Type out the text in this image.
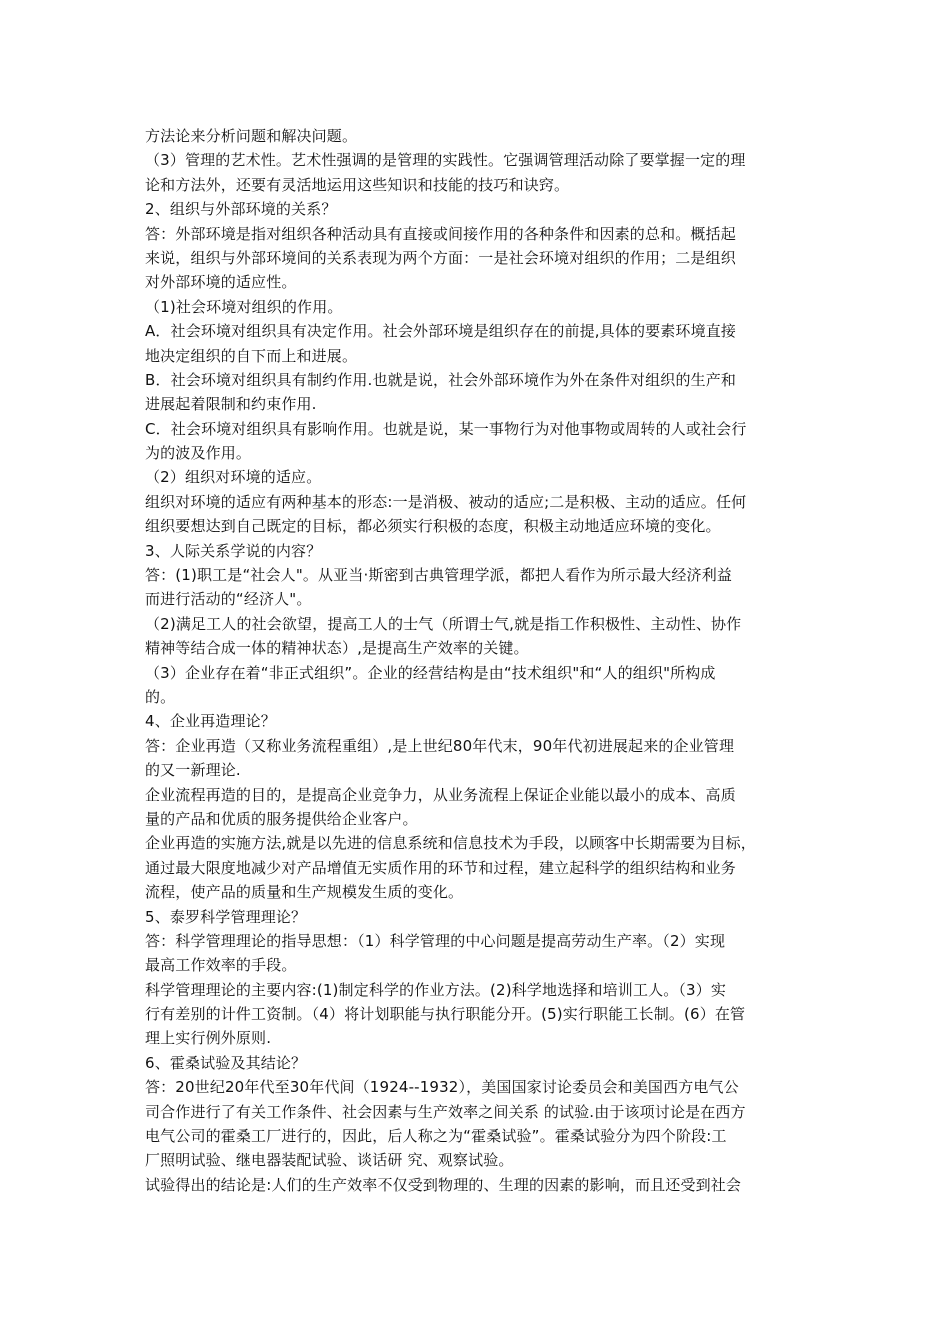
方法论来分析问题和解决问题。
（3）管理的艺术性。艺术性强调的是管理的实践性。它强调管理活动除了要掌握一定的理
论和方法外，还要有灵活地运用这些知识和技能的技巧和诀窍。
2、组织与外部环境的关系？
答：外部环境是指对组织各种活动具有直接或间接作用的各种条件和因素的总和。概括起
来说，组织与外部环境间的关系表现为两个方面：一是社会环境对组织的作用；二是组织
对外部环境的适应性。
（1)社会环境对组织的作用。
A．社会环境对组织具有决定作用。社会外部环境是组织存在的前提,具体的要素环境直接
地决定组织的自下而上和进展。
B．社会环境对组织具有制约作用.也就是说，社会外部环境作为外在条件对组织的生产和
进展起着限制和约束作用.
C．社会环境对组织具有影响作用。也就是说，某一事物行为对他事物或周转的人或社会行
为的波及作用。
（2）组织对环境的适应。
组织对环境的适应有两种基本的形态:一是消极、被动的适应;二是积极、主动的适应。任何
组织要想达到自己既定的目标，都必须实行积极的态度，积极主动地适应环境的变化。
3、人际关系学说的内容？
答：(1)职工是“社会人"。从亚当·斯密到古典管理学派，都把人看作为所示最大经济利益
而进行活动的“经济人"。
（2)满足工人的社会欲望，提高工人的士气（所谓士气,就是指工作积极性、主动性、协作
精神等结合成一体的精神状态）,是提高生产效率的关键。
（3）企业存在着“非正式组织”。企业的经营结构是由“技术组织"和“人的组织"所构成
的。
4、企业再造理论？
答：企业再造（又称业务流程重组）,是上世纪80年代末，90年代初进展起来的企业管理
的又一新理论.
企业流程再造的目的，是提高企业竞争力，从业务流程上保证企业能以最小的成本、高质
量的产品和优质的服务提供给企业客户。
企业再造的实施方法,就是以先进的信息系统和信息技术为手段，以顾客中长期需要为目标，
通过最大限度地减少对产品增值无实质作用的环节和过程，建立起科学的组织结构和业务
流程，使产品的质量和生产规模发生质的变化。
5、泰罗科学管理理论？
答：科学管理理论的指导思想：（1）科学管理的中心问题是提高劳动生产率。（2）实现
最高工作效率的手段。
科学管理理论的主要内容:(1)制定科学的作业方法。(2)科学地选择和培训工人。（3）实
行有差别的计件工资制。（4）将计划职能与执行职能分开。(5)实行职能工长制。(6）在管
理上实行例外原则.
6、霍桑试验及其结论？
答：20世纪20年代至30年代间（1924--1932），美国国家讨论委员会和美国西方电气公
司合作进行了有关工作条件、社会因素与生产效率之间关系 的试验.由于该项讨论是在西方
电气公司的霍桑工厂进行的，因此，后人称之为“霍桑试验”。霍桑试验分为四个阶段:工
厂照明试验、继电器装配试验、谈话研 究、观察试验。
试验得出的结论是:人们的生产效率不仅受到物理的、生理的因素的影响，而且还受到社会
